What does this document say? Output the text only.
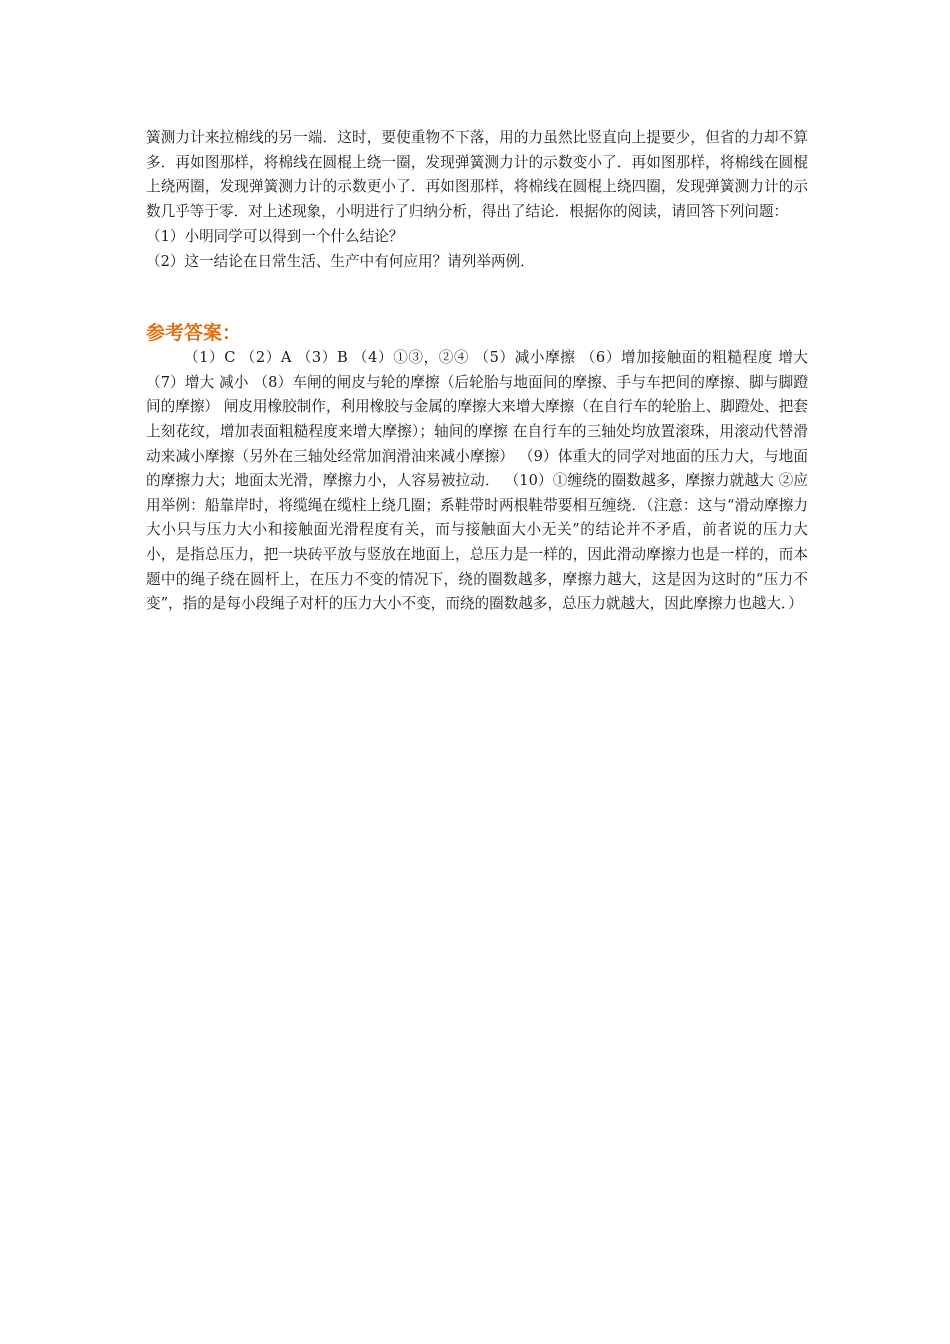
簧测力计来拉棉线的另一端．这时，要使重物不下落，用的力虽然比竖直向上提要少，但省的力却不算多．再如图那样，将棉线在圆棍上绕一圈，发现弹簧测力计的示数变小了．再如图那样，将棉线在圆棍上绕两圈，发现弹簧测力计的示数更小了．再如图那样，将棉线在圆棍上绕四圈，发现弹簧测力计的示数几乎等于零．对上述现象，小明进行了归纳分析，得出了结论．根据你的阅读，请回答下列问题：

（1）小明同学可以得到一个什么结论？

（2）这一结论在日常生活、生产中有何应用？请列举两例．

参考答案：

（1）C （2）A （3）B （4）①③，②④ （5）减小摩擦 （6）增加接触面的粗糙程度 增大 （7）增大 减小 （8）车闸的闸皮与轮的摩擦（后轮胎与地面间的摩擦、手与车把间的摩擦、脚与脚蹬间的摩擦） 闸皮用橡胶制作，利用橡胶与金属的摩擦大来增大摩擦（在自行车的轮胎上、脚蹬处、把套上刻花纹，增加表面粗糙程度来增大摩擦）；轴间的摩擦 在自行车的三轴处均放置滚珠，用滚动代替滑动来减小摩擦（另外在三轴处经常加润滑油来减小摩擦） （9）体重大的同学对地面的压力大，与地面的摩擦力大；地面太光滑，摩擦力小，人容易被拉动． （10）①缠绕的圈数越多，摩擦力就越大 ②应用举例：船靠岸时，将缆绳在缆柱上绕几圈；系鞋带时两根鞋带要相互缠绕．（注意：这与“滑动摩擦力大小只与压力大小和接触面光滑程度有关，而与接触面大小无关”的结论并不矛盾，前者说的压力大小，是指总压力，把一块砖平放与竖放在地面上，总压力是一样的，因此滑动摩擦力也是一样的，而本题中的绳子绕在圆杆上，在压力不变的情况下，绕的圈数越多，摩擦力越大，这是因为这时的“压力不变”，指的是每小段绳子对杆的压力大小不变，而绕的圈数越多，总压力就越大，因此摩擦力也越大．）
